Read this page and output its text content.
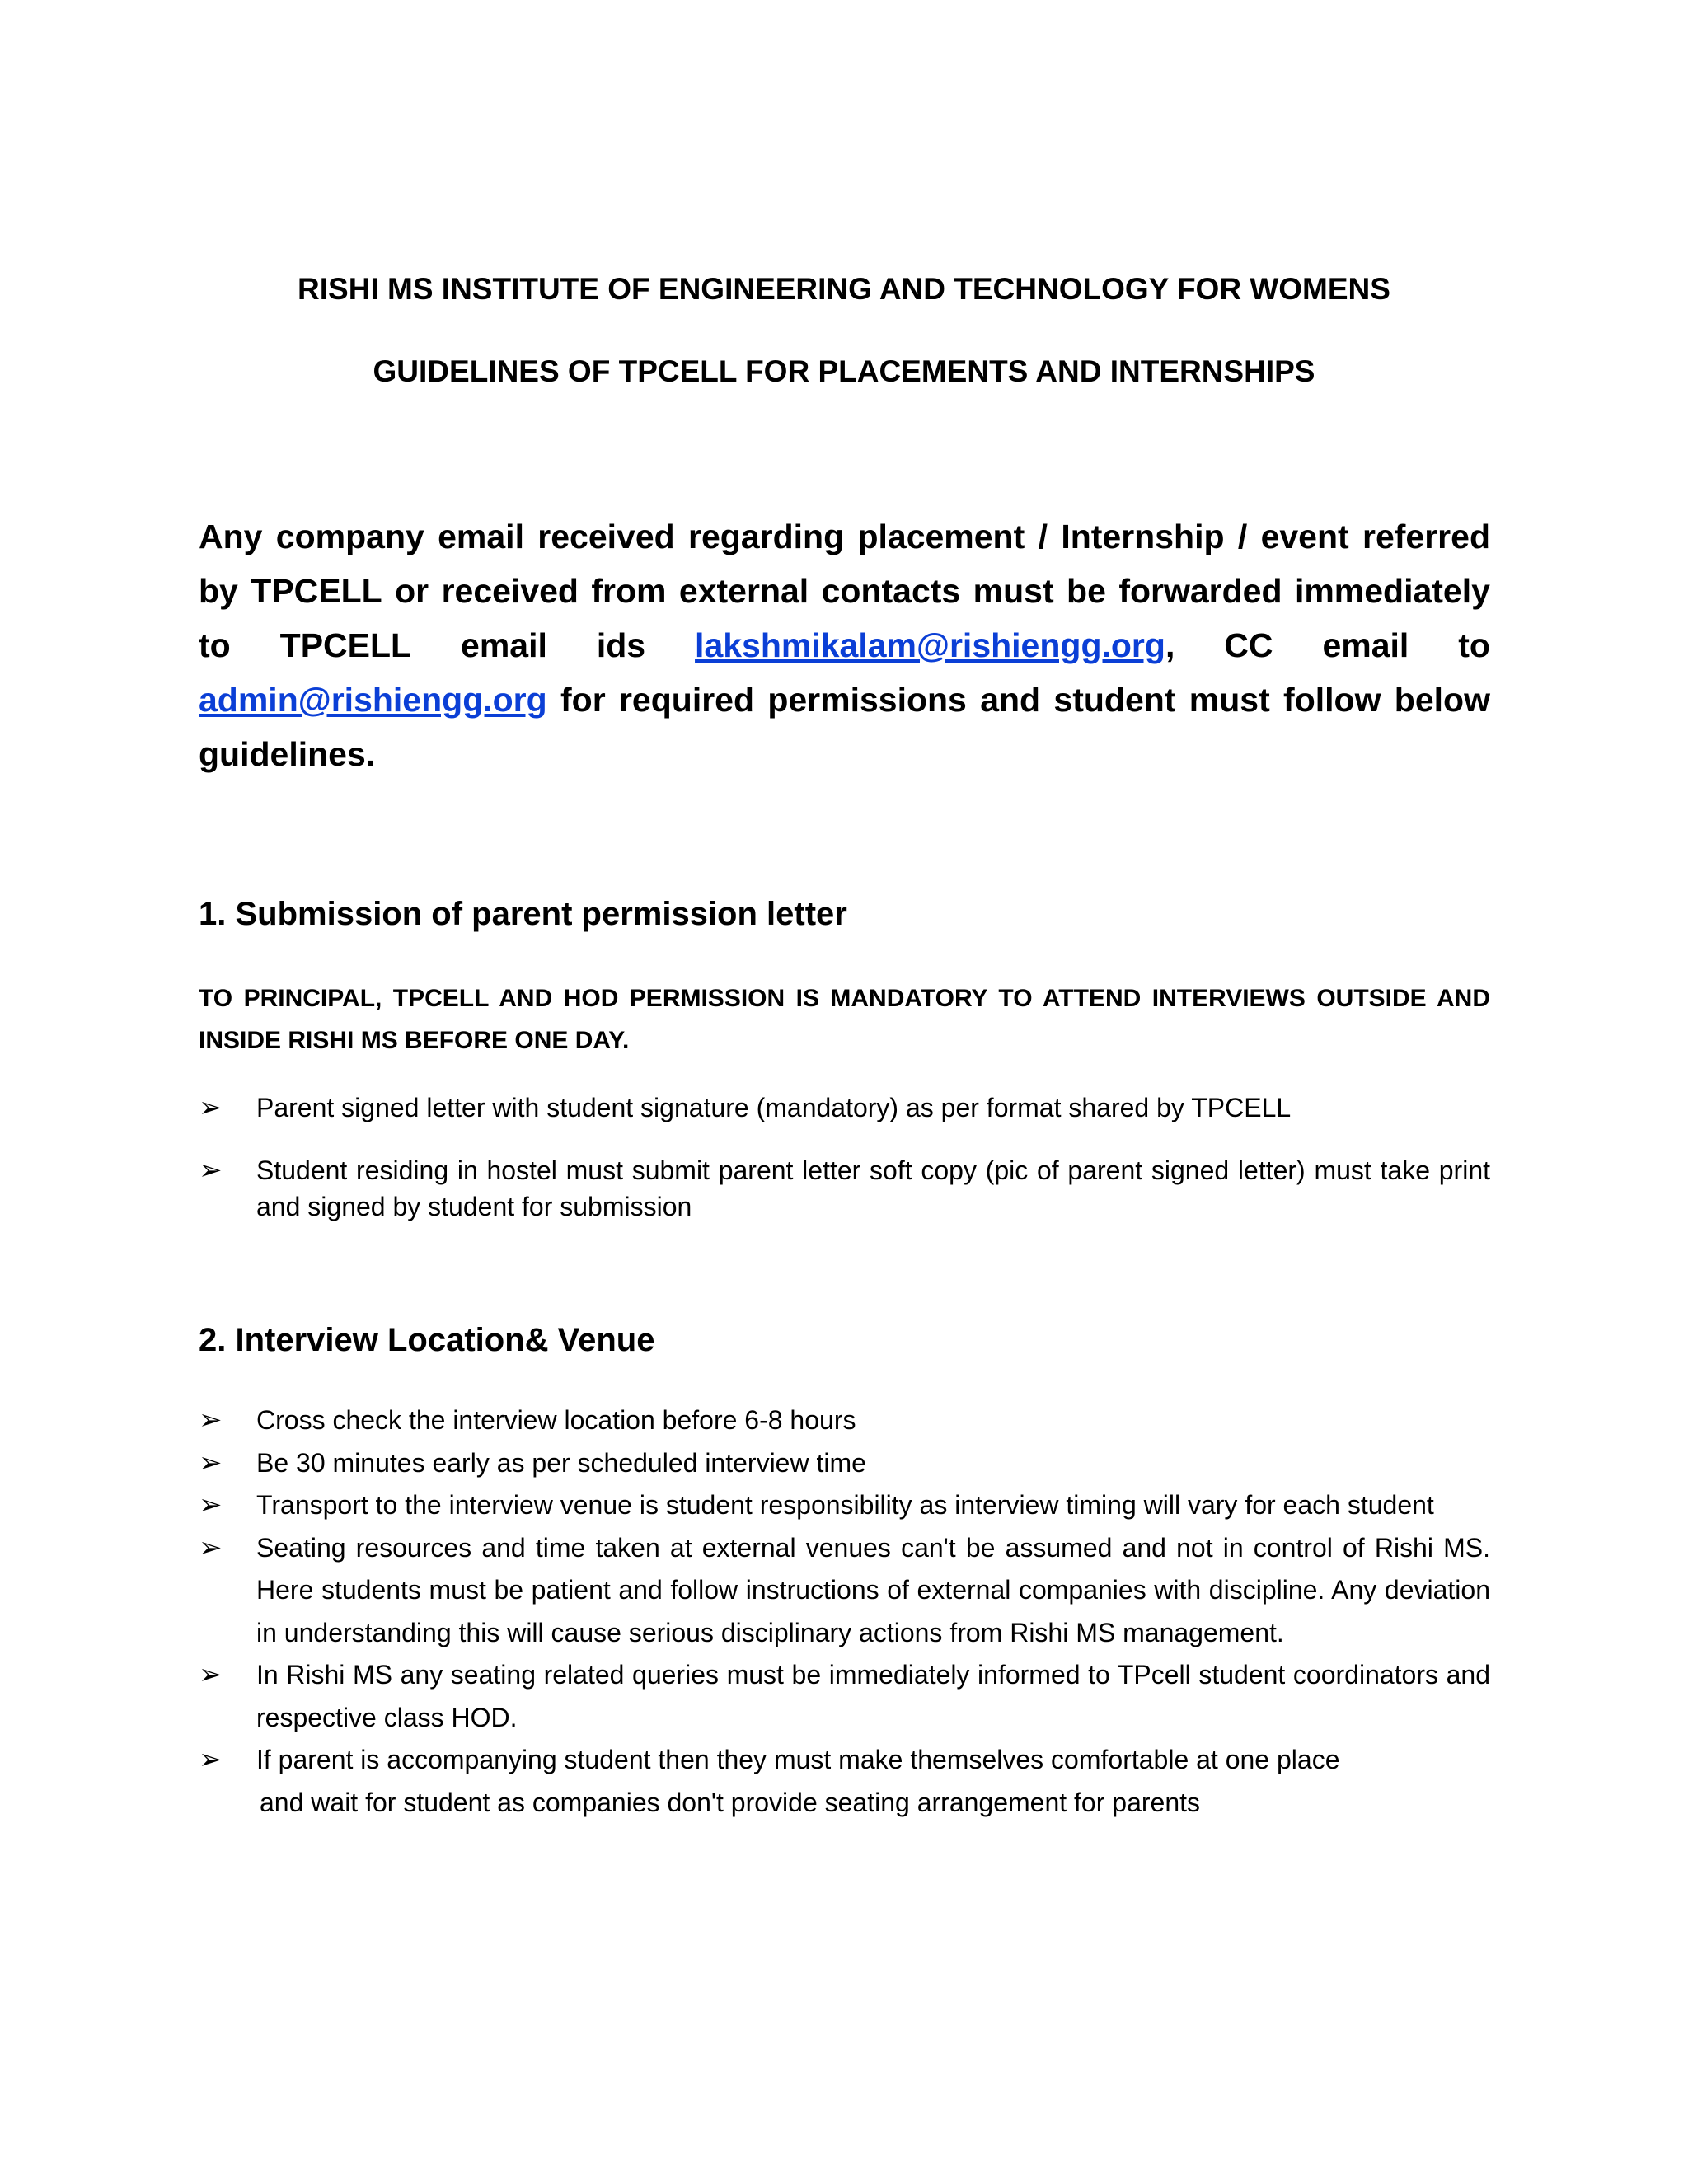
RISHI MS INSTITUTE OF ENGINEERING AND TECHNOLOGY FOR WOMENS
GUIDELINES OF TPCELL FOR PLACEMENTS AND INTERNSHIPS
Any company email received regarding placement / Internship / event referred
by TPCELL or received from external contacts must be forwarded immediately
to TPCELL email ids lakshmikalam@rishiengg.org, CC email to
admin@rishiengg.org for required permissions and student must follow below
guidelines.
1. Submission of parent permission letter
TO PRINCIPAL, TPCELL AND HOD PERMISSION IS MANDATORY TO ATTEND INTERVIEWS OUTSIDE AND INSIDE RISHI MS BEFORE ONE DAY.
➢ Parent signed letter with student signature (mandatory) as per format shared by TPCELL
➢ Student residing in hostel must submit parent letter soft copy (pic of parent signed letter) must take print and signed by student for submission
2. Interview Location& Venue
➢ Cross check the interview location before 6-8 hours
➢ Be 30 minutes early as per scheduled interview time
➢ Transport to the interview venue is student responsibility as interview timing will vary for each student
➢ Seating resources and time taken at external venues can't be assumed and not in control of Rishi MS. Here students must be patient and follow instructions of external companies with discipline. Any deviation in understanding this will cause serious disciplinary actions from Rishi MS management.
➢ In Rishi MS any seating related queries must be immediately informed to TPcell student coordinators and respective class HOD.
➢ If parent is accompanying student then they must make themselves comfortable at one place
and wait for student as companies don't provide seating arrangement for parents
